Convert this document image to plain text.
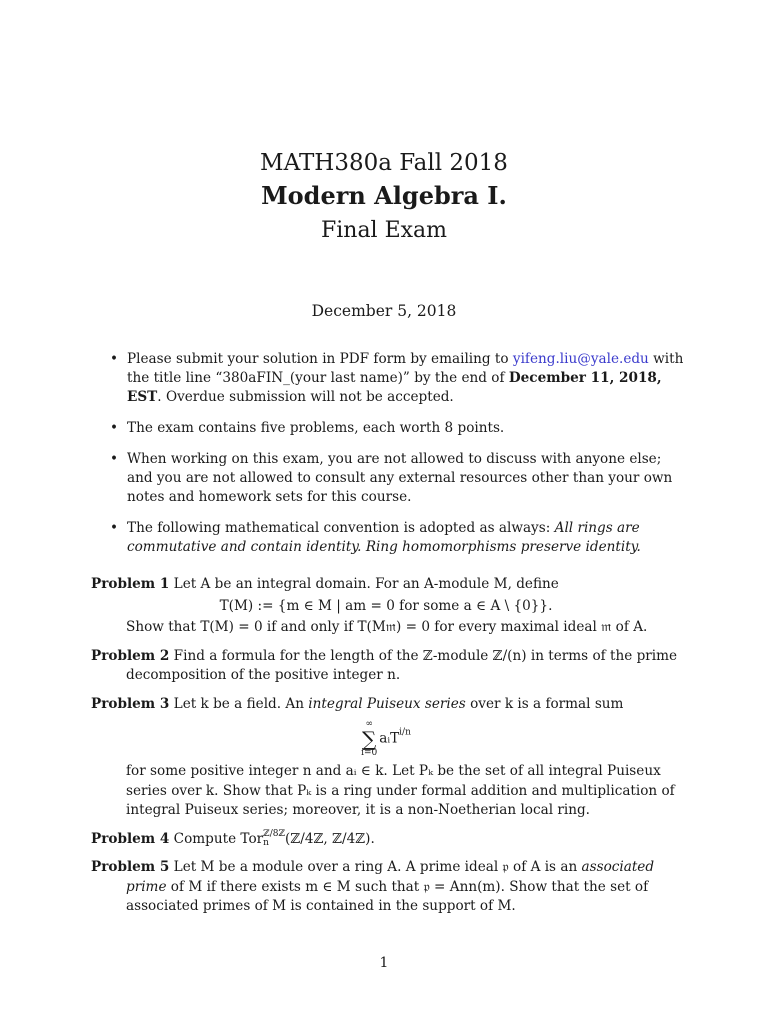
MATH380a Fall 2018
Modern Algebra I.
Final Exam
December 5, 2018
• Please submit your solution in PDF form by emailing to yifeng.liu@yale.edu with the title line “380aFIN_(your last name)” by the end of December 11, 2018, EST. Overdue submission will not be accepted.
• The exam contains five problems, each worth 8 points.
• When working on this exam, you are not allowed to discuss with anyone else; and you are not allowed to consult any external resources other than your own notes and homework sets for this course.
• The following mathematical convention is adopted as always: All rings are commutative and contain identity. Ring homomorphisms preserve identity.
Problem 1 Let A be an integral domain. For an A-module M, define
T(M) := {m ∈ M | am = 0 for some a ∈ A \ {0}}.
Show that T(M) = 0 if and only if T(M𝔪) = 0 for every maximal ideal 𝔪 of A.
Problem 2 Find a formula for the length of the ℤ-module ℤ/(n) in terms of the prime decomposition of the positive integer n.
Problem 3 Let k be a field. An integral Puiseux series over k is a formal sum
∞
∑
i=0
aᵢT$^{i/n}$
for some positive integer n and aᵢ ∈ k. Let Pₖ be the set of all integral Puiseux series over k. Show that Pₖ is a ring under formal addition and multiplication of integral Puiseux series; moreover, it is a non-Noetherian local ring.
Problem 4 Compute Tor ℤ/8ℤ
n	(ℤ/4ℤ, ℤ/4ℤ).
Problem 5 Let M be a module over a ring A. A prime ideal 𝔭 of A is an associated prime of M if there exists m ∈ M such that 𝔭 = Ann(m). Show that the set of associated primes of M is contained in the support of M.
1
